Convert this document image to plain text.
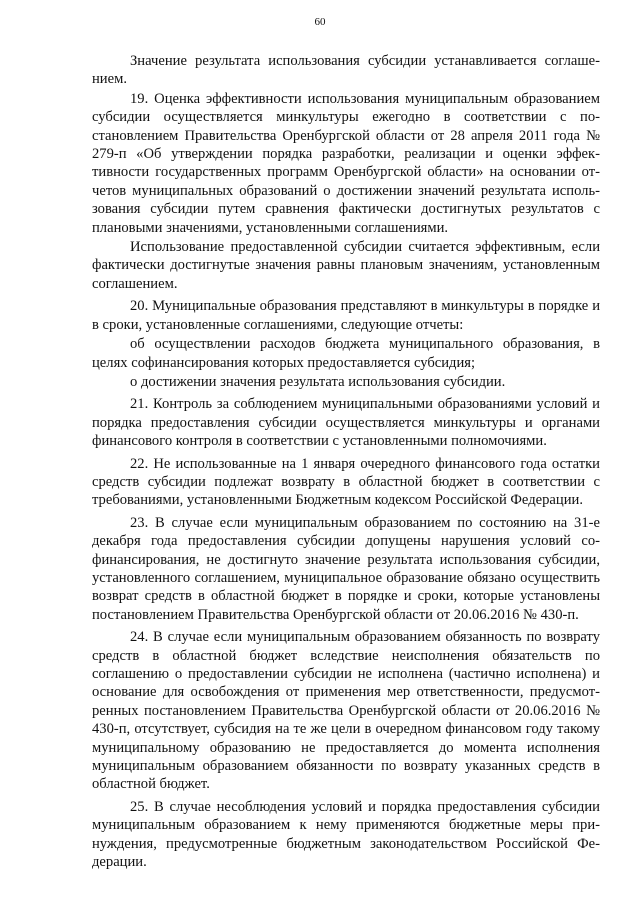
60

Значение результата использования субсидии устанавливается соглашением.

19. Оценка эффективности использования муниципальным образованием субсидии осуществляется минкультуры ежегодно в соответствии с постановлением Правительства Оренбургской области от 28 апреля 2011 года № 279-п «Об утверждении порядка разработки, реализации и оценки эффективности государственных программ Оренбургской области» на основании отчетов муниципальных образований о достижении значений результата использования субсидии путем сравнения фактически достигнутых результатов с плановыми значениями, установленными соглашениями.

Использование предоставленной субсидии считается эффективным, если фактически достигнутые значения равны плановым значениям, установленным соглашением.

20. Муниципальные образования представляют в минкультуры в порядке и в сроки, установленные соглашениями, следующие отчеты:

об осуществлении расходов бюджета муниципального образования, в целях софинансирования которых предоставляется субсидия;

о достижении значения результата использования субсидии.

21. Контроль за соблюдением муниципальными образованиями условий и порядка предоставления субсидии осуществляется минкультуры и органами финансового контроля в соответствии с установленными полномочиями.

22. Не использованные на 1 января очередного финансового года остатки средств субсидии подлежат возврату в областной бюджет в соответствии с требованиями, установленными Бюджетным кодексом Российской Федерации.

23. В случае если муниципальным образованием по состоянию на 31-е декабря года предоставления субсидии допущены нарушения условий софинансирования, не достигнуто значение результата использования субсидии, установленного соглашением, муниципальное образование обязано осуществить возврат средств в областной бюджет в порядке и сроки, которые установлены постановлением Правительства Оренбургской области от 20.06.2016 № 430-п.

24. В случае если муниципальным образованием обязанность по возврату средств в областной бюджет вследствие неисполнения обязательств по соглашению о предоставлении субсидии не исполнена (частично исполнена) и основание для освобождения от применения мер ответственности, предусмотренных постановлением Правительства Оренбургской области от 20.06.2016 № 430-п, отсутствует, субсидия на те же цели в очередном финансовом году такому муниципальному образованию не предоставляется до момента исполнения муниципальным образованием обязанности по возврату указанных средств в областной бюджет.

25. В случае несоблюдения условий и порядка предоставления субсидии муниципальным образованием к нему применяются бюджетные меры принуждения, предусмотренные бюджетным законодательством Российской Федерации.
